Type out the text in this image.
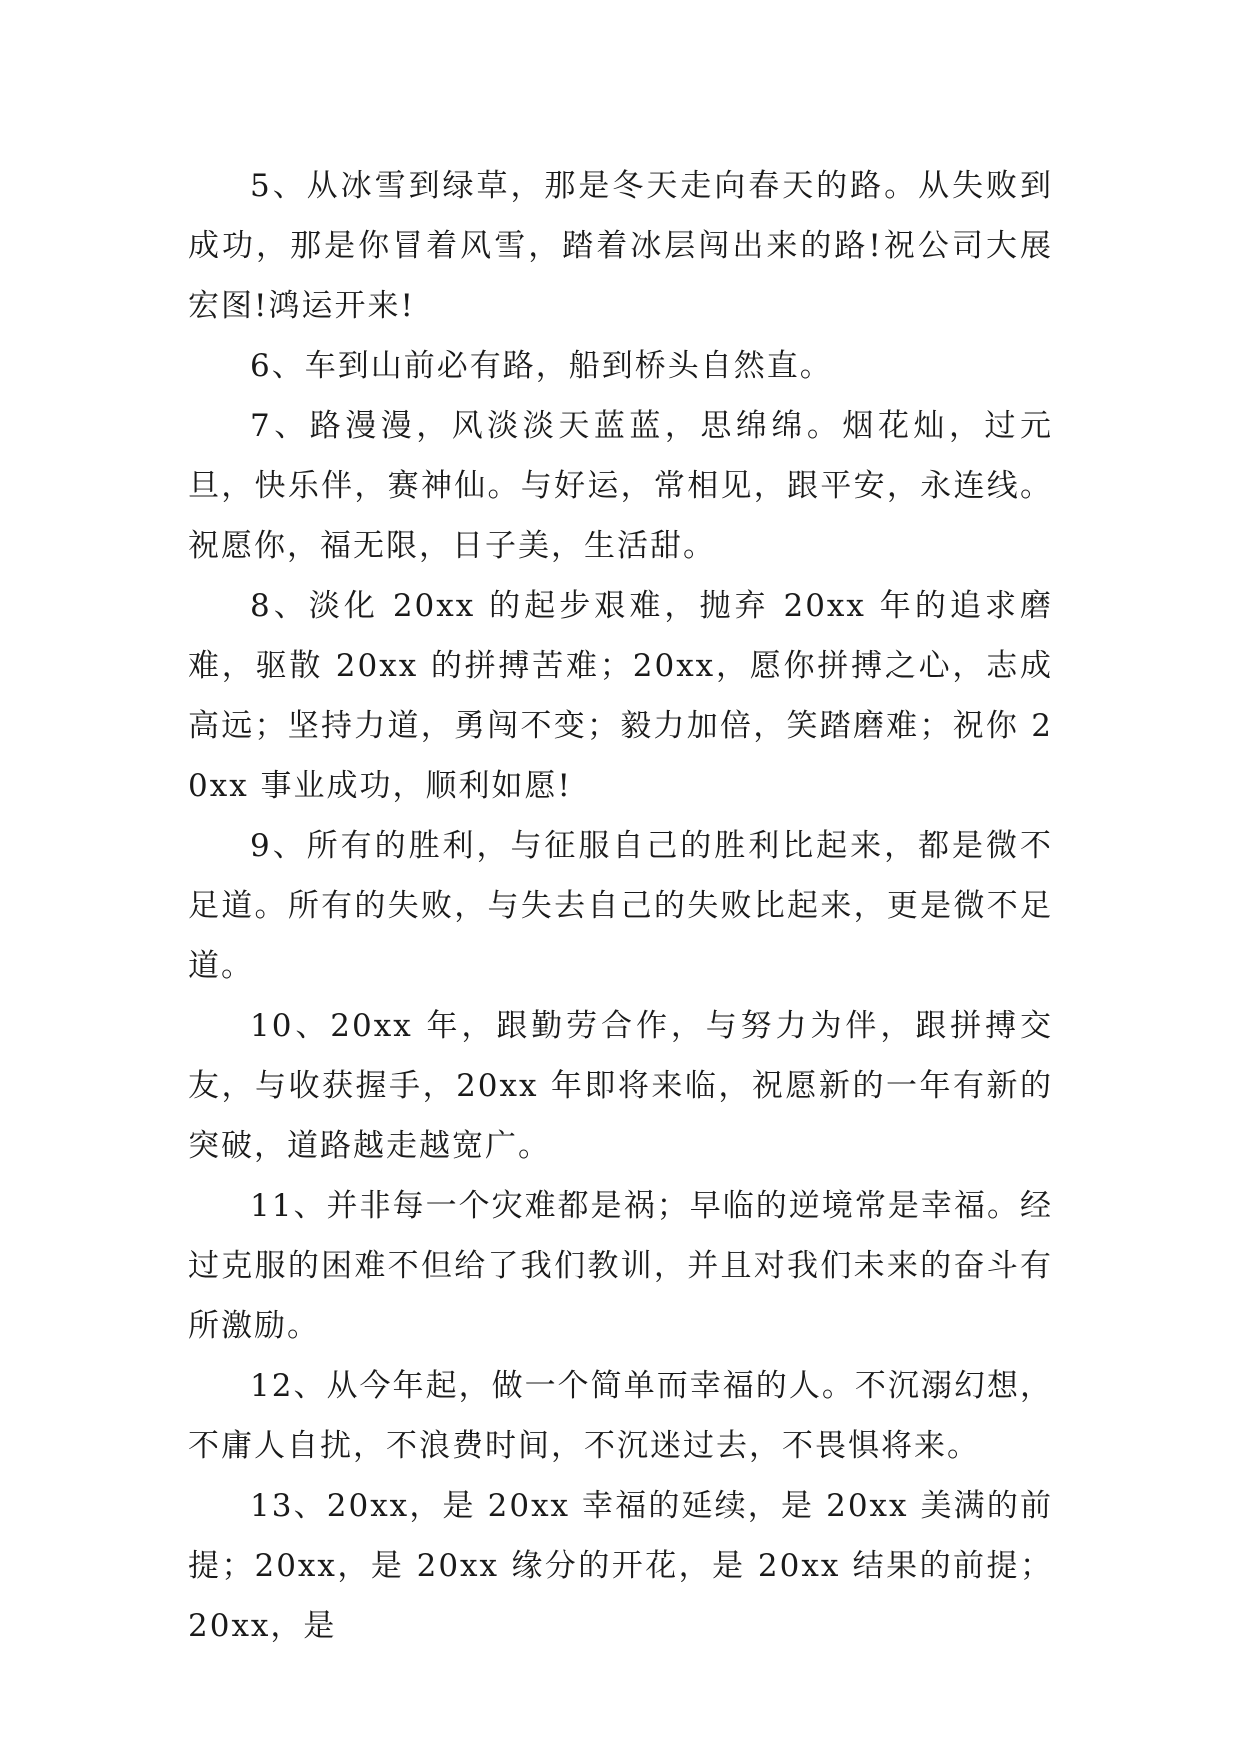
5、从冰雪到绿草，那是冬天走向春天的路。从失败到成功，那是你冒着风雪，踏着冰层闯出来的路!祝公司大展宏图!鸿运开来!

6、车到山前必有路，船到桥头自然直。

7、路漫漫，风淡淡天蓝蓝，思绵绵。烟花灿，过元旦，快乐伴，赛神仙。与好运，常相见，跟平安，永连线。祝愿你，福无限，日子美，生活甜。

8、淡化 20xx 的起步艰难，抛弃 20xx 年的追求磨难，驱散 20xx 的拼搏苦难；20xx，愿你拼搏之心，志成高远；坚持力道，勇闯不变；毅力加倍，笑踏磨难；祝你 20xx 事业成功，顺利如愿!

9、所有的胜利，与征服自己的胜利比起来，都是微不足道。所有的失败，与失去自己的失败比起来，更是微不足道。

10、20xx 年，跟勤劳合作，与努力为伴，跟拼搏交友，与收获握手，20xx 年即将来临，祝愿新的一年有新的突破，道路越走越宽广。

11、并非每一个灾难都是祸；早临的逆境常是幸福。经过克服的困难不但给了我们教训，并且对我们未来的奋斗有所激励。

12、从今年起，做一个简单而幸福的人。不沉溺幻想，不庸人自扰，不浪费时间，不沉迷过去，不畏惧将来。

13、20xx，是 20xx 幸福的延续，是 20xx 美满的前提；20xx，是 20xx 缘分的开花，是 20xx 结果的前提；20xx，是
